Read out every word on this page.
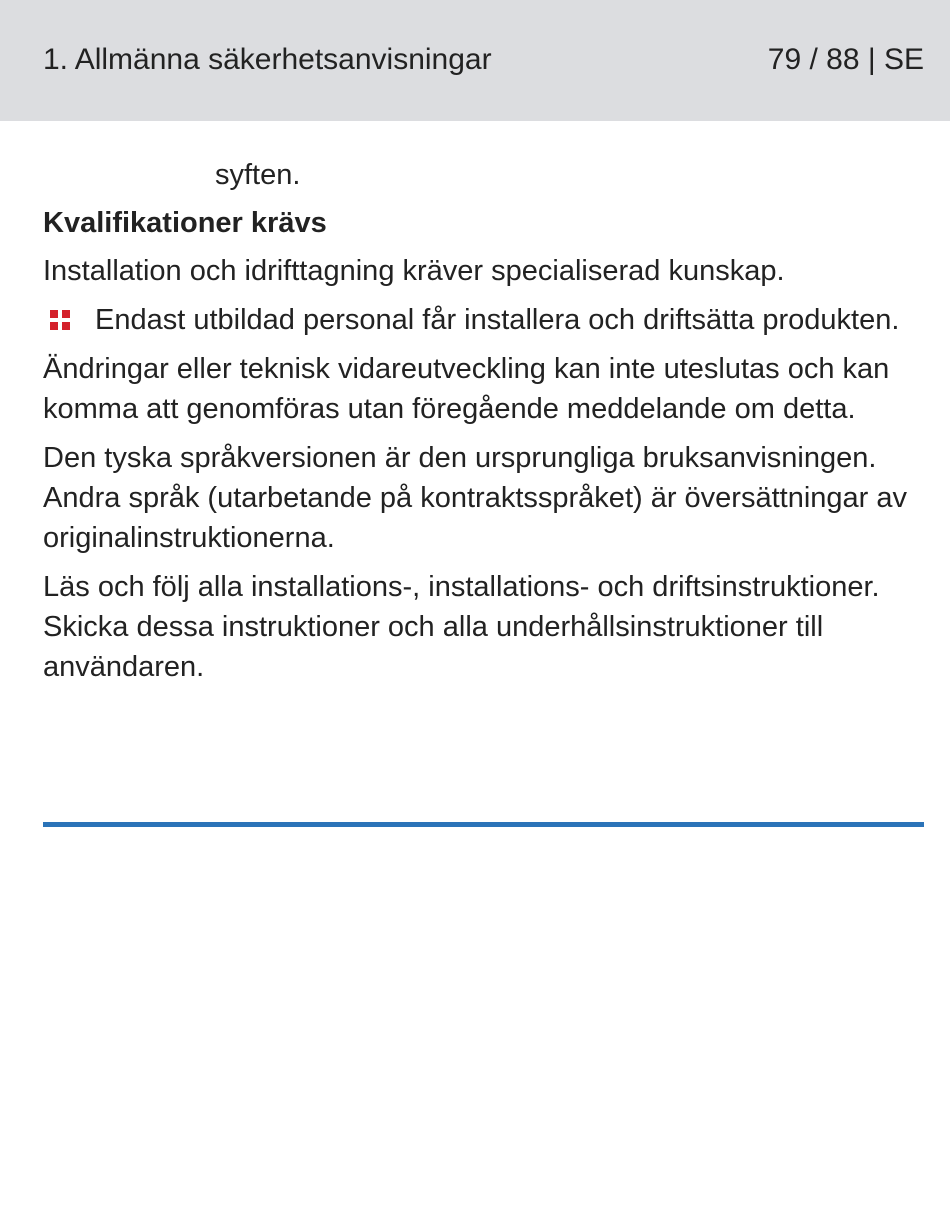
1. Allmänna säkerhetsanvisningar	79 / 88 | SE
syften.
Kvalifikationer krävs
Installation och idrifttagning kräver specialiserad kunskap.
Endast utbildad personal får installera och driftsätta produkten.
Ändringar eller teknisk vidareutveckling kan inte uteslutas och kan komma att genomföras utan föregående meddelande om detta.
Den tyska språkversionen är den ursprungliga bruksanvisningen. Andra språk (utarbetande på kontraktsspråket) är översättningar av originalinstruktionerna.
Läs och följ alla installations-, installations- och driftsinstruktioner. Skicka dessa instruktioner och alla underhållsinstruktioner till användaren.
